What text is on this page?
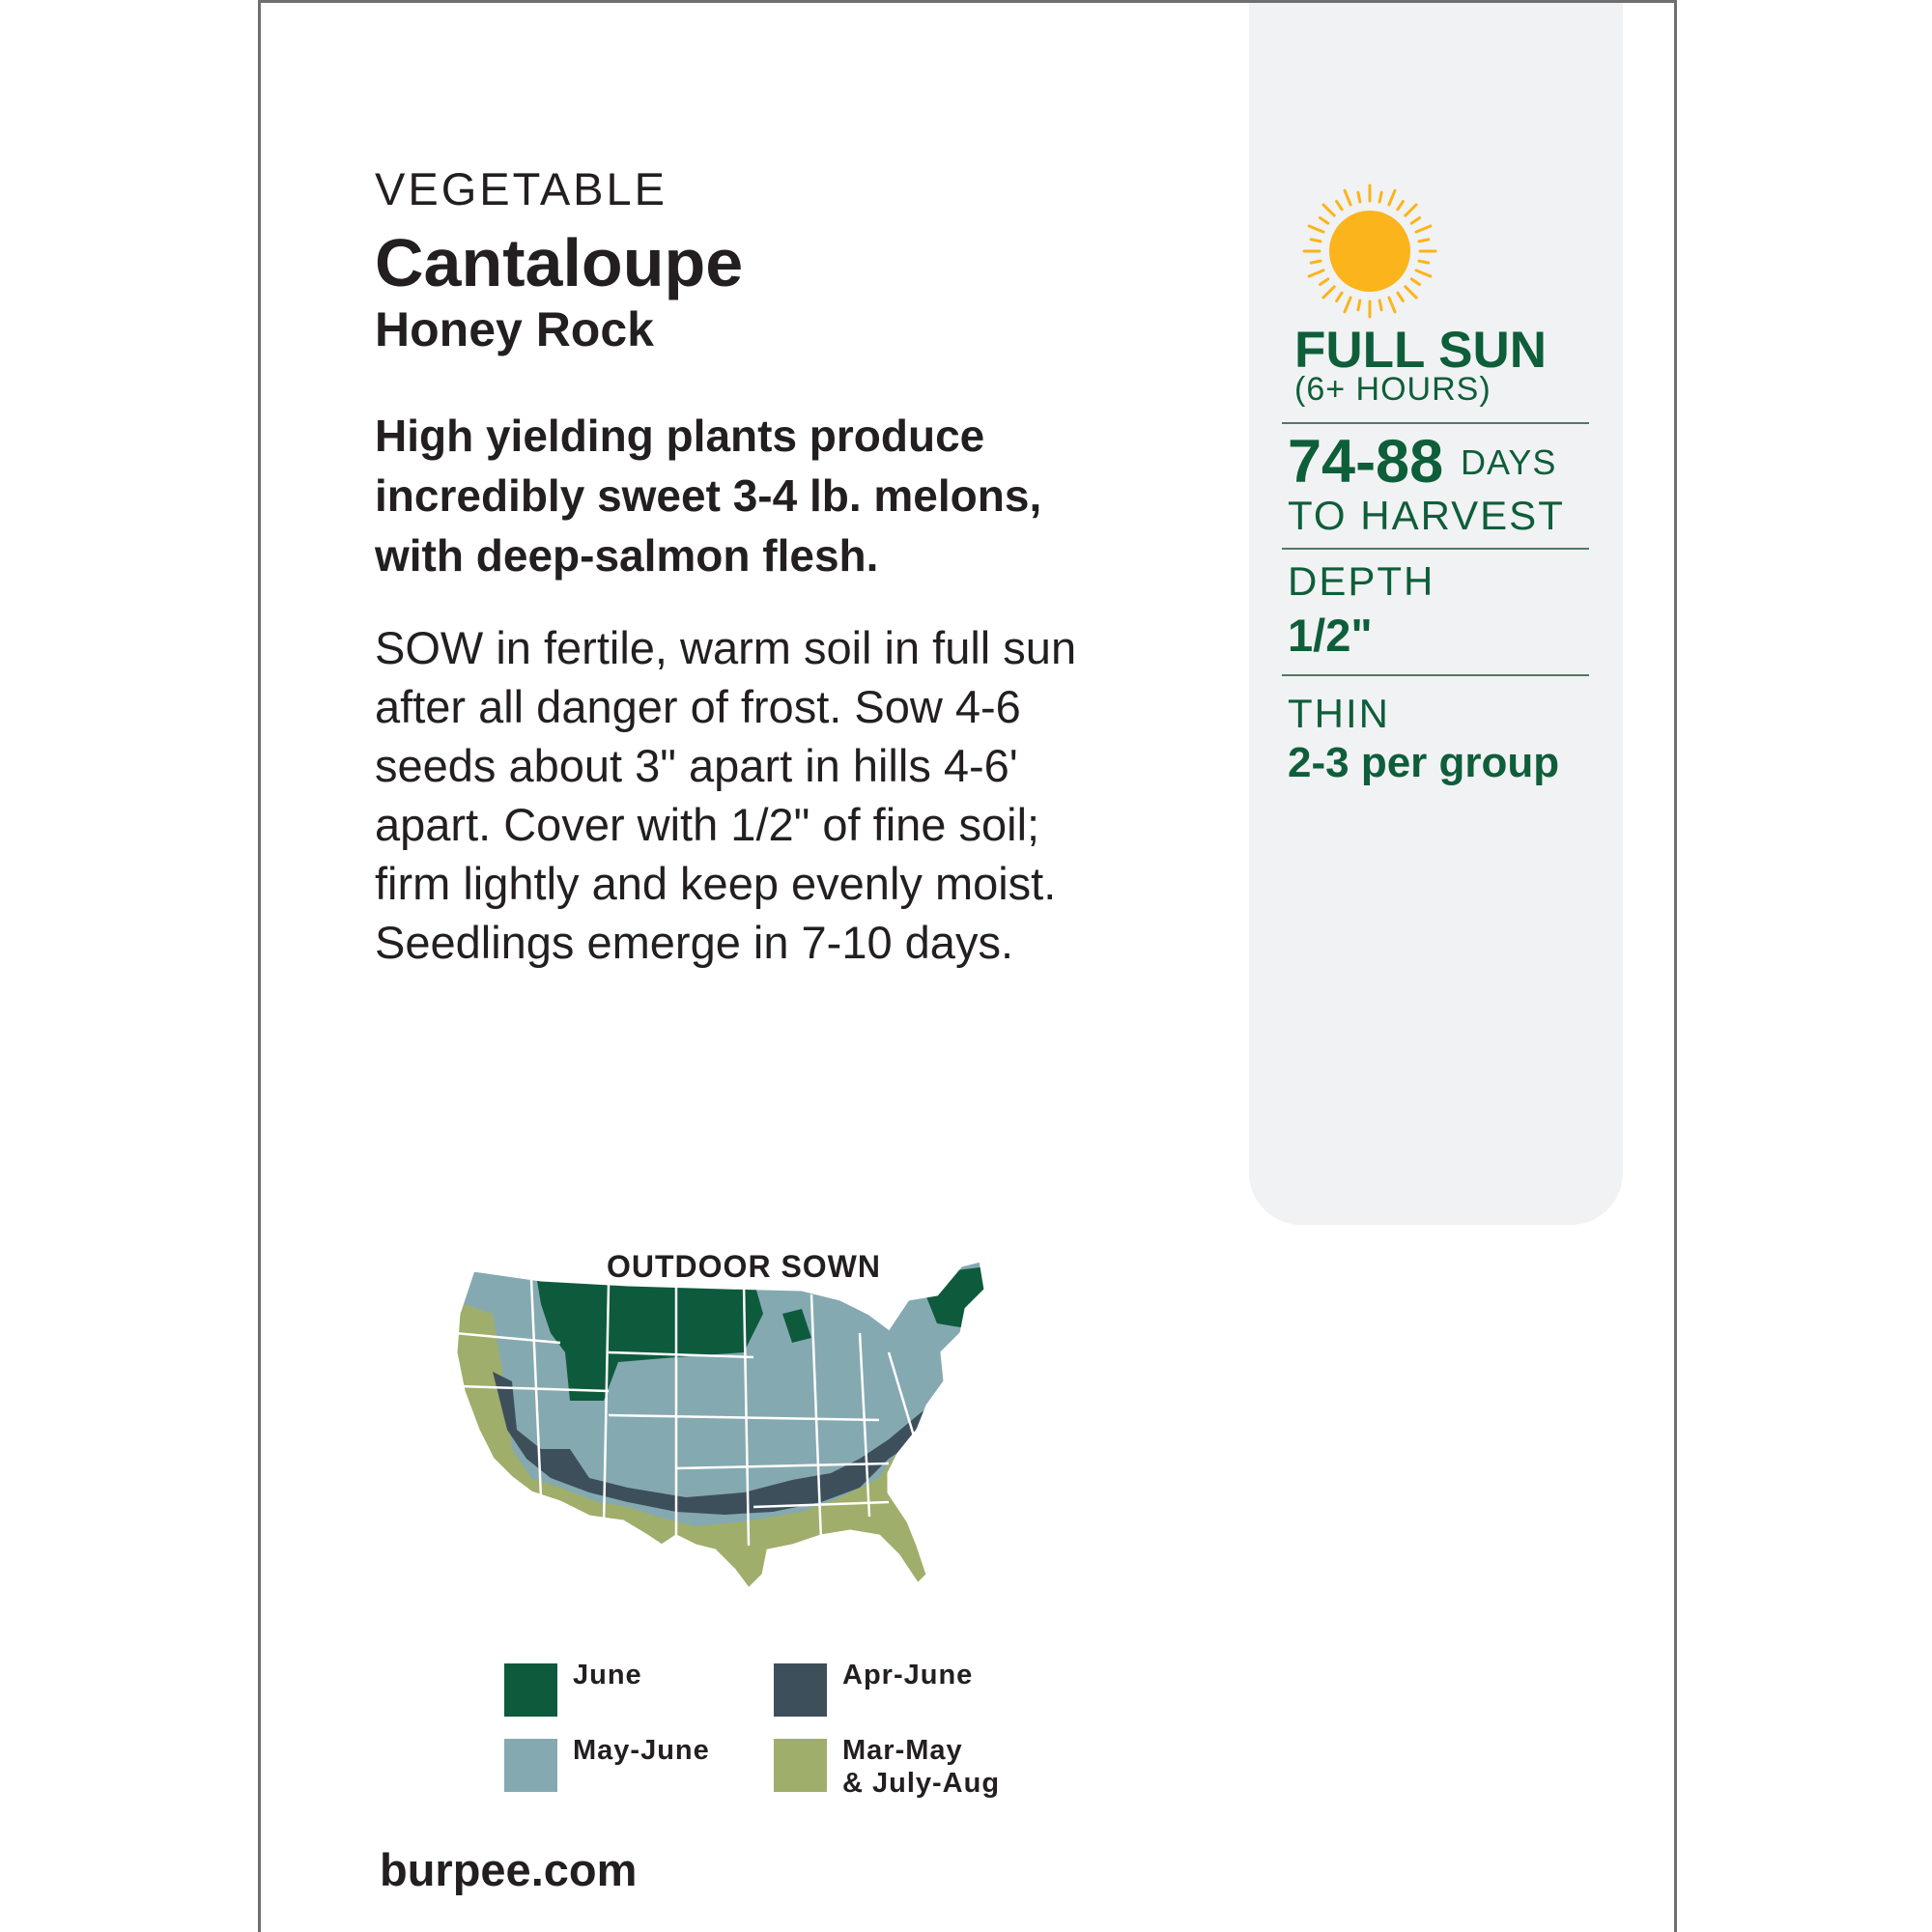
VEGETABLE

Cantaloupe

Honey Rock

High yielding plants produce
incredibly sweet 3-4 lb. melons,
with deep-salmon flesh.
SOW in fertile, warm soil in full sun
after all danger of frost. Sow 4-6
seeds about 3" apart in hills 4-6'
apart. Cover with 1/2" of fine soil;
firm lightly and keep evenly moist.
Seedlings emerge in 7-10 days.

FULL SUN

(6+ HOURS)

74-88 DAYS

TO HARVEST

DEPTH

1/2"

THIN

2-3 per group

OUTDOOR SOWN

June	Apr-June

May-June	Mar-May

& July-Aug

burpee.com
